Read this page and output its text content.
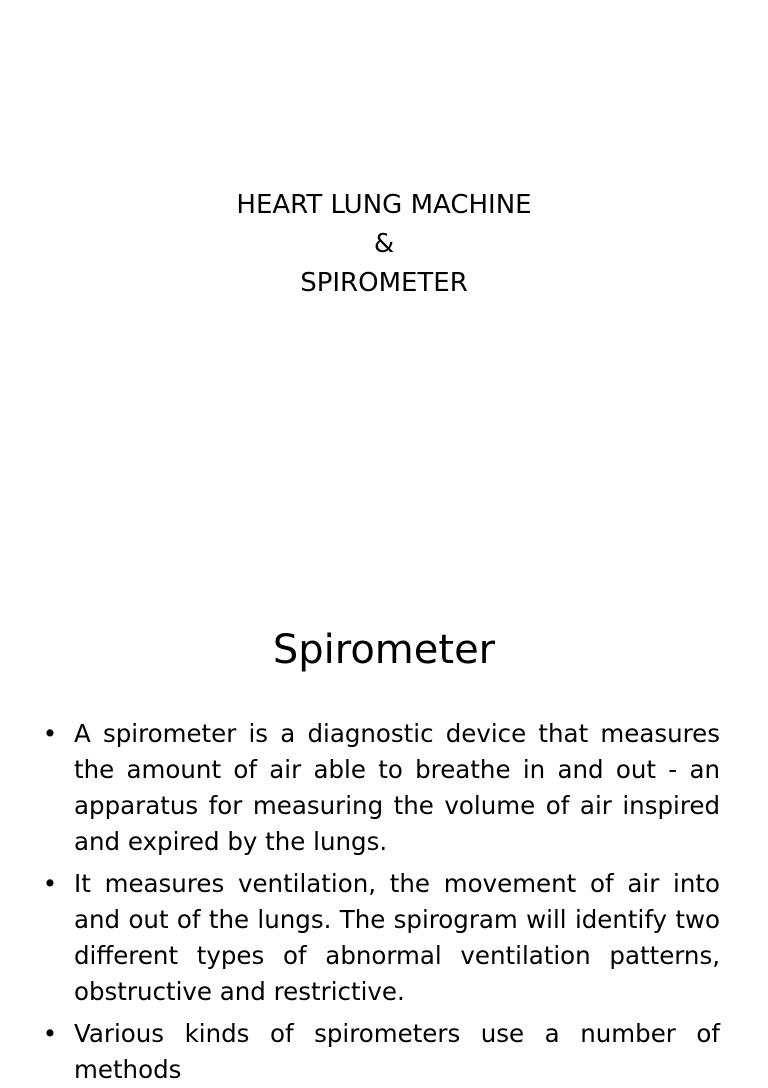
HEART LUNG MACHINE
&
SPIROMETER
Spirometer
• A spirometer is a diagnostic device that measures the amount of air able to breathe in and out - an apparatus for measuring the volume of air inspired and expired by the lungs.
• It measures ventilation, the movement of air into and out of the lungs. The spirogram will identify two different types of abnormal ventilation patterns, obstructive and restrictive.
• Various kinds of spirometers use a number of methods
